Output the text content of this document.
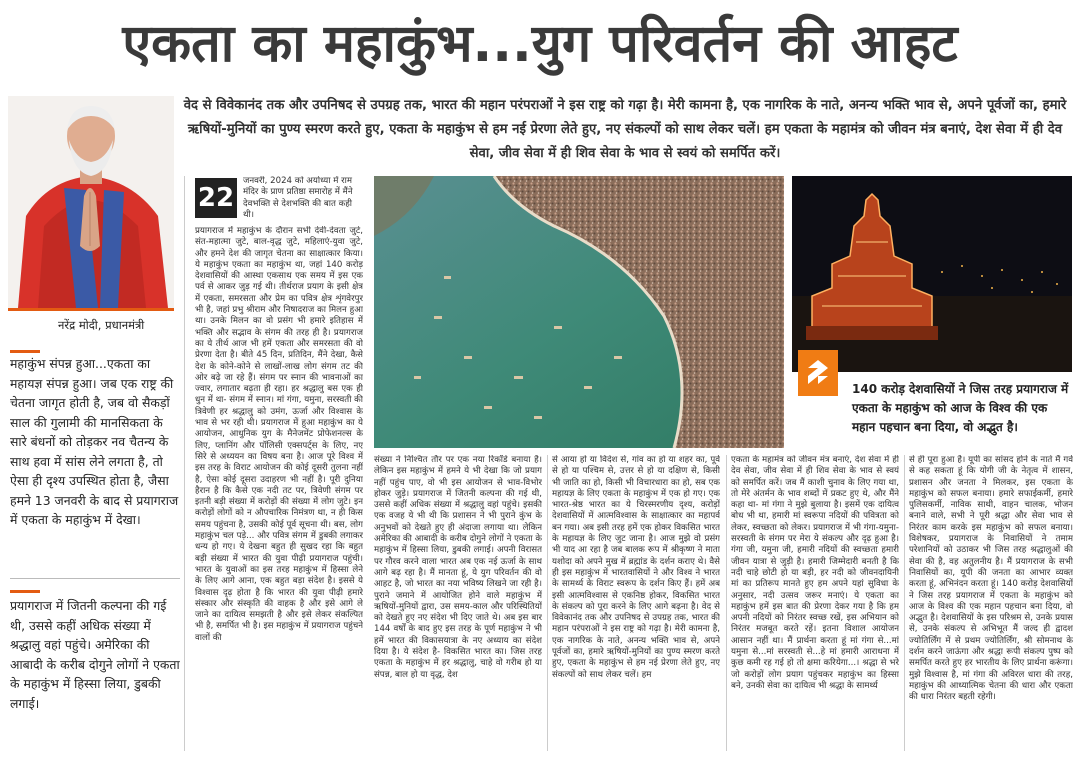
एकता का महाकुंभ...युग परिवर्तन की आहट
वेद से विवेकानंद तक और उपनिषद से उपग्रह तक, भारत की महान परंपराओं ने इस राष्ट्र को गढ़ा है। मेरी कामना है, एक नागरिक के नाते, अनन्य भक्ति भाव से, अपने पूर्वजों का, हमारे ऋषियों-मुनियों का पुण्य स्मरण करते हुए, एकता के महाकुंभ से हम नई प्रेरणा लेते हुए, नए संकल्पों को साथ लेकर चलें। हम एकता के महामंत्र को जीवन मंत्र बनाएं, देश सेवा में ही देव सेवा, जीव सेवा में ही शिव सेवा के भाव से स्वयं को समर्पित करें।
नरेंद्र मोदी, प्रधानमंत्री
महाकुंभ संपन्न हुआ...एकता का महायज्ञ संपन्न हुआ। जब एक राष्ट्र की चेतना जागृत होती है, जब वो सैकड़ों साल की गुलामी की मानसिकता के सारे बंधनों को तोड़कर नव चैतन्य के साथ हवा में सांस लेने लगता है, तो ऐसा ही दृश्य उपस्थित होता है, जैसा हमने 13 जनवरी के बाद से प्रयागराज में एकता के महाकुंभ में देखा।
प्रयागराज में जितनी कल्पना की गई थी, उससे कहीं अधिक संख्या में श्रद्धालु वहां पहुंचे। अमेरिका की आबादी के करीब दोगुने लोगों ने एकता के महाकुंभ में हिस्सा लिया, डुबकी लगाई।
22
जनवरी, 2024 को अयोध्या में राम मंदिर के प्राण प्रतिष्ठा समारोह में मैंने देवभक्ति से देशभक्ति की बात कही थी।
प्रयागराज में महाकुंभ के दौरान सभी देवी-देवता जुटे, संत-महात्मा जुटे, बाल-वृद्ध जुटे, महिलाएं-युवा जुटे, और हमने देश की जागृत चेतना का साक्षात्कार किया। ये महाकुंभ एकता का महाकुंभ था, जहां 140 करोड़ देशवासियों की आस्था एकसाथ एक समय में इस एक पर्व से आकर जुड़ गई थी। तीर्थराज प्रयाग के इसी क्षेत्र में एकता, समरसता और प्रेम का पवित्र क्षेत्र शृंगवेरपुर भी है, जहां प्रभु श्रीराम और निषादराज का मिलन हुआ था। उनके मिलन का वो प्रसंग भी हमारे इतिहास में भक्ति और सद्भाव के संगम की तरह ही है। प्रयागराज का ये तीर्थ आज भी हमें एकता और समरसता की वो प्रेरणा देता है। बीते 45 दिन, प्रतिदिन, मैंने देखा, कैसे देश के कोने-कोने से लाखों-लाख लोग संगम तट की ओर बढ़े जा रहे हैं। संगम पर स्नान की भावनाओं का ज्वार, लगातार बढ़ता ही रहा। हर श्रद्धालु बस एक ही धुन में था- संगम में स्नान। मां गंगा, यमुना, सरस्वती की त्रिवेणी हर श्रद्धालु को उमंग, ऊर्जा और विश्वास के भाव से भर रही थी। प्रयागराज में हुआ महाकुंभ का ये आयोजन, आधुनिक युग के मैनेजमेंट प्रोफेशनल्स के लिए, प्लानिंग और पॉलिसी एक्सपर्ट्स के लिए, नए सिरे से अध्ययन का विषय बना है। आज पूरे विश्व में इस तरह के विराट आयोजन की कोई दूसरी तुलना नहीं है, ऐसा कोई दूसरा उदाहरण भी नहीं है। पूरी दुनिया हैरान है कि कैसे एक नदी तट पर, त्रिवेणी संगम पर इतनी बड़ी संख्या में करोड़ों की संख्या में लोग जुटे। इन करोड़ों लोगों को न औपचारिक निमंत्रण था, न ही किस समय पहुंचना है, उसकी कोई पूर्व सूचना थी। बस, लोग महाकुंभ चल पड़े... और पवित्र संगम में डुबकी लगाकर धन्य हो गए। ये देखना बहुत ही सुखद रहा कि बहुत बड़ी संख्या में भारत की युवा पीढ़ी प्रयागराज पहुंची। भारत के युवाओं का इस तरह महाकुंभ में हिस्सा लेने के लिए आगे आना, एक बहुत बड़ा संदेश है। इससे ये विश्वास दृढ़ होता है कि भारत की युवा पीढ़ी हमारे संस्कार और संस्कृति की वाहक है और इसे आगे ले जाने का दायित्व समझती है और इसे लेकर संकल्पित भी है, समर्पित भी है। इस महाकुंभ में प्रयागराज पहुंचने वालों की
संख्या ने निश्चित तौर पर एक नया रिकॉर्ड बनाया है। लेकिन इस महाकुंभ में हमने ये भी देखा कि जो प्रयाग नहीं पहुंच पाए, वो भी इस आयोजन से भाव-विभोर होकर जुड़े। प्रयागराज में जितनी कल्पना की गई थी, उससे कहीं अधिक संख्या में श्रद्धालु वहां पहुंचे। इसकी एक वजह ये भी थी कि प्रशासन ने भी पुराने कुंभ के अनुभवों को देखते हुए ही अंदाजा लगाया था। लेकिन अमेरिका की आबादी के करीब दोगुने लोगों ने एकता के महाकुंभ में हिस्सा लिया, डुबकी लगाई। अपनी विरासत पर गौरव करने वाला भारत अब एक नई ऊर्जा के साथ आगे बढ़ रहा है। मैं मानता हूं, ये युग परिवर्तन की वो आहट है, जो भारत का नया भविष्य लिखने जा रही है। पुराने जमाने में आयोजित होने वाले महाकुंभ में ऋषियों-मुनियों द्वारा, उस समय-काल और परिस्थितियों को देखते हुए नए संदेश भी दिए जाते थे। अब इस बार 144 वर्षों के बाद हुए इस तरह के पूर्ण महाकुंभ ने भी हमें भारत की विकासयात्रा के नए अध्याय का संदेश दिया है। ये संदेश है- विकसित भारत का। जिस तरह एकता के महाकुंभ में हर श्रद्धालु, चाहे वो गरीब हो या संपन्न, बाल हो या वृद्ध, देश
से आया हो या विदेश से, गांव का हो या शहर का, पूर्व से हो या पश्चिम से, उत्तर से हो या दक्षिण से, किसी भी जाति का हो, किसी भी विचारधारा का हो, सब एक महायज्ञ के लिए एकता के महाकुंभ में एक हो गए। एक भारत-श्रेष्ठ भारत का ये चिरस्मरणीय दृश्य, करोड़ों देशवासियों में आत्मविश्वास के साक्षात्कार का महापर्व बन गया। अब इसी तरह हमें एक होकर विकसित भारत के महायज्ञ के लिए जुट जाना है। आज मुझे वो प्रसंग भी याद आ रहा है जब बालक रूप में श्रीकृष्ण ने माता यशोदा को अपने मुख में ब्रह्मांड के दर्शन कराए थे। वैसे ही इस महाकुंभ में भारतवासियों ने और विश्व ने भारत के सामर्थ्य के विराट स्वरूप के दर्शन किए हैं। हमें अब इसी आत्मविश्वास से एकनिष्ठ होकर, विकसित भारत के संकल्प को पूरा करने के लिए आगे बढ़ना है। वेद से विवेकानंद तक और उपनिषद से उपग्रह तक, भारत की महान परंपराओं ने इस राष्ट्र को गढ़ा है। मेरी कामना है, एक नागरिक के नाते, अनन्य भक्ति भाव से, अपने पूर्वजों का, हमारे ऋषियों-मुनियों का पुण्य स्मरण करते हुए, एकता के महाकुंभ से हम नई प्रेरणा लेते हुए, नए संकल्पों को साथ लेकर चलें। हम
140 करोड़ देशवासियों ने जिस तरह प्रयागराज में एकता के महाकुंभ को आज के विश्व की एक महान पहचान बना दिया, वो अद्भुत है।
एकता के महामंत्र को जीवन मंत्र बनाएं, देश सेवा में ही देव सेवा, जीव सेवा में ही शिव सेवा के भाव से स्वयं को समर्पित करें। जब मैं काशी चुनाव के लिए गया था, तो मेरे अंतर्मन के भाव शब्दों में प्रकट हुए थे, और मैंने कहा था- मां गंगा ने मुझे बुलाया है। इसमें एक दायित्व बोध भी था, हमारी मां स्वरूपा नदियों की पवित्रता को लेकर, स्वच्छता को लेकर। प्रयागराज में भी गंगा-यमुना-सरस्वती के संगम पर मेरा ये संकल्प और दृढ़ हुआ है। गंगा जी, यमुना जी, हमारी नदियों की स्वच्छता हमारी जीवन यात्रा से जुड़ी है। हमारी जिम्मेदारी बनती है कि नदी चाहे छोटी हो या बड़ी, हर नदी को जीवनदायिनी मां का प्रतिरूप मानते हुए हम अपने यहां सुविधा के अनुसार, नदी उत्सव जरूर मनाएं। ये एकता का महाकुंभ हमें इस बात की प्रेरणा देकर गया है कि हम अपनी नदियों को निरंतर स्वच्छ रखें, इस अभियान को निरंतर मजबूत करते रहें। इतना विशाल आयोजन आसान नहीं था। मैं प्रार्थना करता हूं मां गंगा से...मां यमुना से...मां सरस्वती से...हे मां हमारी आराधना में कुछ कमी रह गई हो तो क्षमा करियेगा...। श्रद्धा से भरे जो करोड़ों लोग प्रयाग पहुंचकर महाकुंभ का हिस्सा बने, उनकी सेवा का दायित्व भी श्रद्धा के सामर्थ्य
से ही पूरा हुआ है। यूपी का सांसद होने के नाते मैं गर्व से कह सकता हूं कि योगी जी के नेतृत्व में शासन, प्रशासन और जनता ने मिलकर, इस एकता के महाकुंभ को सफल बनाया। हमारे सफाईकर्मी, हमारे पुलिसकर्मी, नाविक साथी, वाहन चालक, भोजन बनाने वाले, सभी ने पूरी श्रद्धा और सेवा भाव से निरंतर काम करके इस महाकुंभ को सफल बनाया। विशेषकर, प्रयागराज के निवासियों ने तमाम परेशानियों को उठाकर भी जिस तरह श्रद्धालुओं की सेवा की है, वह अतुलनीय है। मैं प्रयागराज के सभी निवासियों का, यूपी की जनता का आभार व्यक्त करता हूं, अभिनंदन करता हूं। 140 करोड़ देशवासियों ने जिस तरह प्रयागराज में एकता के महाकुंभ को आज के विश्व की एक महान पहचान बना दिया, वो अद्भुत है। देशवासियों के इस परिश्रम से, उनके प्रयास से, उनके संकल्प से अभिभूत मैं जल्द ही द्वादश ज्योतिर्लिंग में से प्रथम ज्योतिर्लिंग, श्री सोमनाथ के दर्शन करने जाऊंगा और श्रद्धा रूपी संकल्प पुष्प को समर्पित करते हुए हर भारतीय के लिए प्रार्थना करूंगा। मुझे विश्वास है, मां गंगा की अविरल धारा की तरह, महाकुंभ की आध्यात्मिक चेतना की धारा और एकता की धारा निरंतर बहती रहेगी।
